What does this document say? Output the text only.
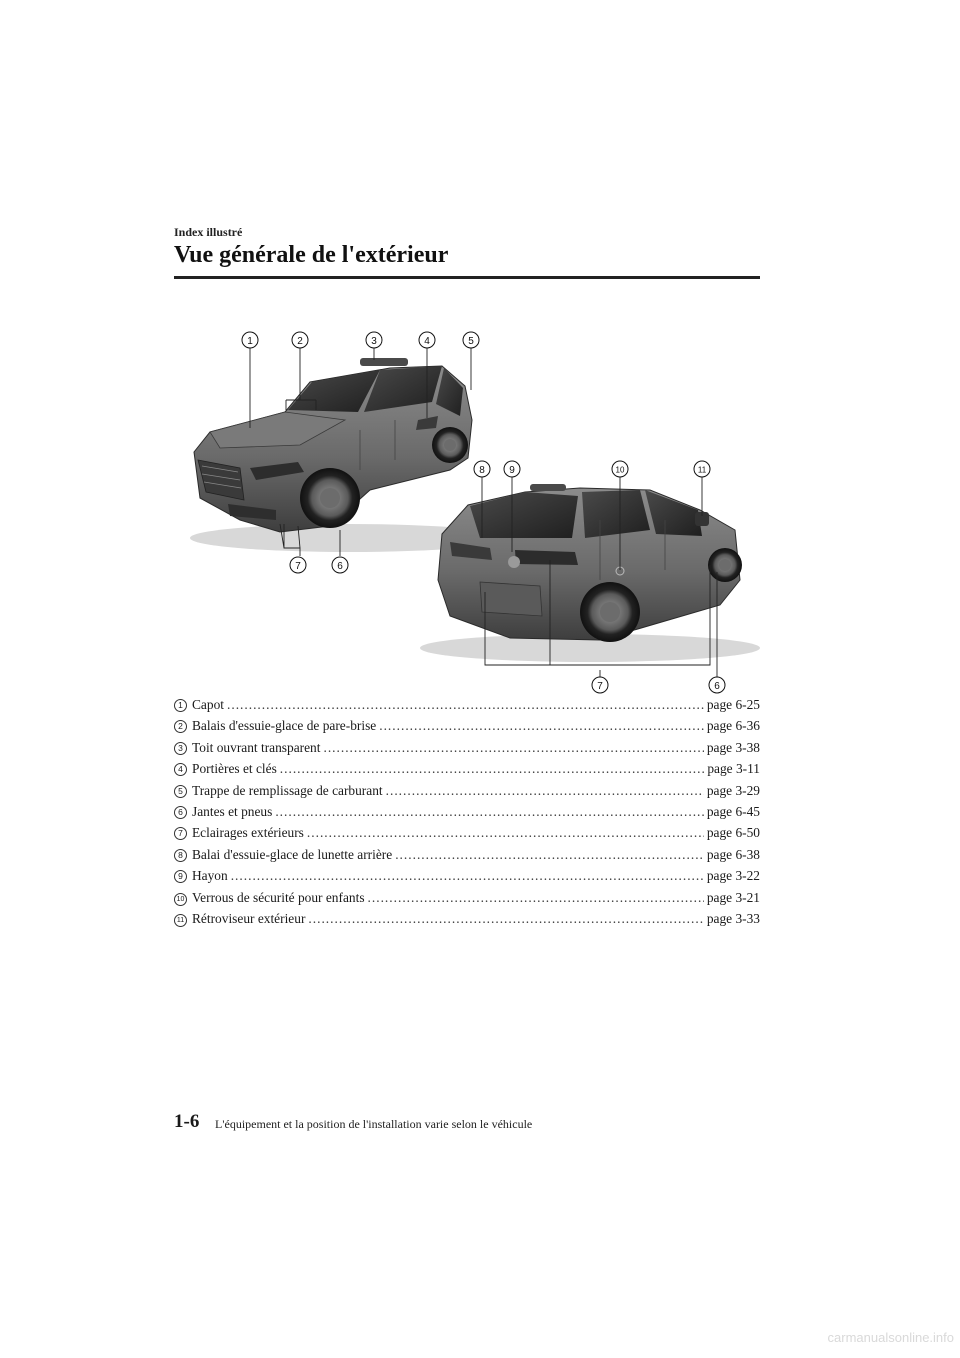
Index illustré
Vue générale de l'extérieur
1	2	3	4	5
7	6
8 9	10	11
7	6
1 Capot .....	page 6-25
2 Balais d'essuie-glace de pare-brise .....	page 6-36
3 Toit ouvrant transparent .....	page 3-38
4 Portières et clés .....	page 3-11
5 Trappe de remplissage de carburant .....	page 3-29
6 Jantes et pneus .....	page 6-45
7 Eclairages extérieurs .....	page 6-50
8 Balai d'essuie-glace de lunette arrière .....	page 6-38
9 Hayon .....	page 3-22
10 Verrous de sécurité pour enfants .....	page 3-21
11 Rétroviseur extérieur .....	page 3-33
1-6 L'équipement et la position de l'installation varie selon le véhicule
carmanualsonline.info
